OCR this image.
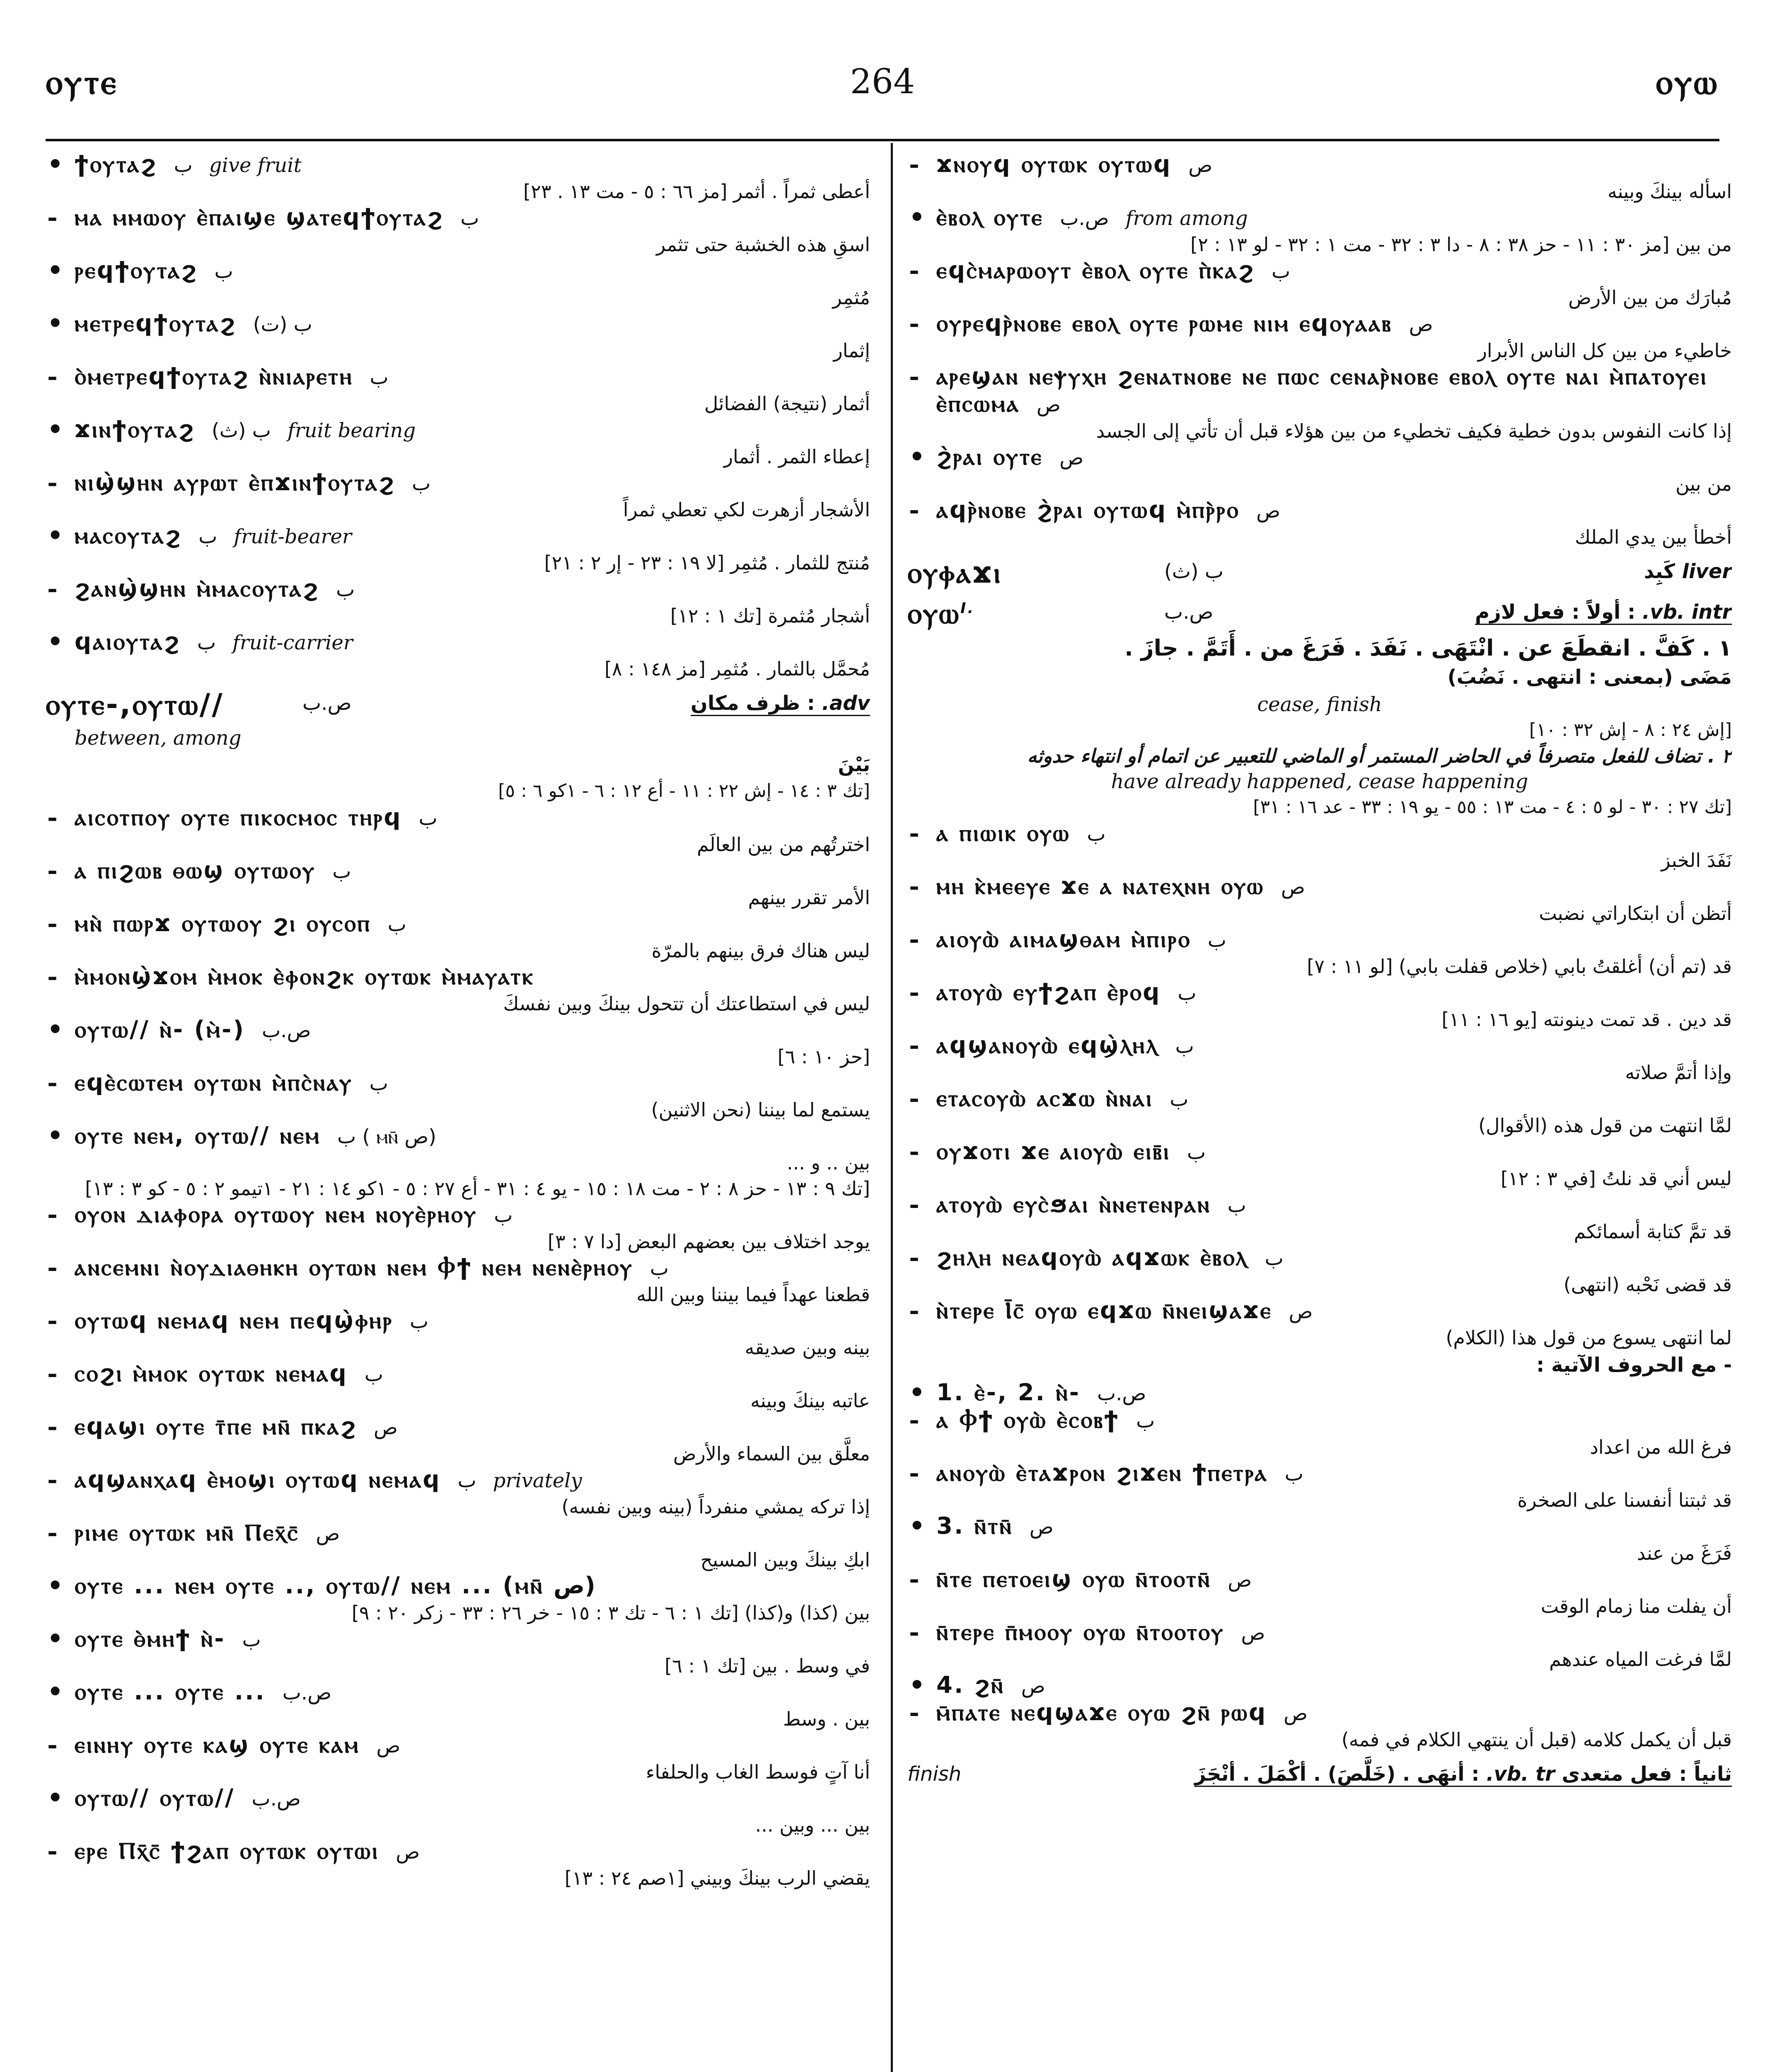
ⲟⲩⲧⲉ	264	ⲟⲩⲱ
• ϯⲟⲩⲧⲁϩ ب give fruit
أعطى ثمراً . أثمر [مز ٦٦ : ٥ - مت ١٣ . ٢٣]
- ⲙⲁ ⲙⲙⲱⲟⲩ ⲉ̀ⲡⲁⲓϣⲉ ϣⲁⲧⲉϥϯⲟⲩⲧⲁϩ ب
اسقِ هذه الخشبة حتى تثمر
• ⲣⲉϥϯⲟⲩⲧⲁϩ ب
مُثمِر
• ⲙⲉⲧⲣⲉϥϯⲟⲩⲧⲁϩ ب (ت)
إثمار
- ⲟ̀ⲙⲉⲧⲣⲉϥϯⲟⲩⲧⲁϩ ⲛ̀ⲛⲓⲁⲣⲉⲧⲏ ب
أثمار (نتيجة) الفضائل
• ϫⲓⲛϯⲟⲩⲧⲁϩ ب (ث) fruit bearing
إعطاء الثمر . أثمار
- ⲛⲓϣ̀ϣⲏⲛ ⲁⲩⲣⲱⲧ ⲉ̀ⲡϫⲓⲛϯⲟⲩⲧⲁϩ ب
الأشجار أزهرت لكي تعطي ثمراً
• ⲙⲁⲥⲟⲩⲧⲁϩ ب fruit-bearer
مُنتج للثمار . مُثمِر [لا ١٩ : ٢٣ - إر ٢ : ٢١]
- ϩⲁⲛϣ̀ϣⲏⲛ ⲙ̀ⲙⲁⲥⲟⲩⲧⲁϩ ب
أشجار مُثمرة [تك ١ : ١٢]
• ϥⲁⲓⲟⲩⲧⲁϩ ب fruit-carrier
مُحمَّل بالثمار . مُثمِر [مز ١٤٨ : ٨]
ⲟⲩⲧⲉ-,ⲟⲩⲧⲱ//	ص.ب	adv. : ظرف مكان
between, among
بَيْنَ
[تك ٣ : ١٤ - إش ٢٢ : ١١ - أع ١٢ : ٦ - ١كو ٦ : ٥]
- ⲁⲓⲥⲟⲧⲡⲟⲩ ⲟⲩⲧⲉ ⲡⲓⲕⲟⲥⲙⲟⲥ ⲧⲏⲣϥ ب
اخترتُهم من بين العالَم
- ⲁ ⲡⲓϩⲱⲃ ⲑⲱϣ ⲟⲩⲧⲱⲟⲩ ب
الأمر تقرر بينهم
- ⲙⲛ̀ ⲡⲱⲣϫ ⲟⲩⲧⲱⲟⲩ ϩⲓ ⲟⲩⲥⲟⲡ ب
ليس هناك فرق بينهم بالمرّة
- ⲙ̀ⲙⲟⲛϣ̀ϫⲟⲙ ⲙ̀ⲙⲟⲕ ⲉ̀ⲫⲟⲛϩⲕ ⲟⲩⲧⲱⲕ ⲙ̀ⲙⲁⲩⲁⲧⲕ
ليس في استطاعتك أن تتحول بينكَ وبين نفسكَ
• ⲟⲩⲧⲱ// ⲛ̀- (ⲙ̀-) ص.ب
[حز ١٠ : ٦]
- ⲉϥⲉ̀ⲥⲱⲧⲉⲙ ⲟⲩⲧⲱⲛ ⲙ̀ⲡⲥ̀ⲛⲁⲩ ب
يستمع لما بيننا (نحن الاثنين)
• ⲟⲩⲧⲉ ⲛⲉⲙ, ⲟⲩⲧⲱ// ⲛⲉⲙ ب ( ⲙⲛ̄ ص)
بين .. و ...
[تك ٩ : ١٣ - حز ٨ : ٢ - مت ١٨ : ١٥ - يو ٤ : ٣١ - أع ٢٧ : ٥ - ١كو ١٤ : ٢١ - ١تيمو ٢ : ٥ - كو ٣ : ١٣]
- ⲟⲩⲟⲛ ⲇⲓⲁⲫⲟⲣⲁ ⲟⲩⲧⲱⲟⲩ ⲛⲉⲙ ⲛⲟⲩⲉ̀ⲣⲏⲟⲩ ب
يوجد اختلاف بين بعضهم البعض [دا ٧ : ٣]
- ⲁⲛⲥⲉⲙⲛⲓ ⲛ̀ⲟⲩⲇⲓⲁⲑⲏⲕⲏ ⲟⲩⲧⲱⲛ ⲛⲉⲙ Ⲫϯ ⲛⲉⲙ ⲛⲉⲛⲉ̀ⲣⲏⲟⲩ ب
قطعنا عهداً فيما بيننا وبين الله
- ⲟⲩⲧⲱϥ ⲛⲉⲙⲁϥ ⲛⲉⲙ ⲡⲉϥϣ̀ⲫⲏⲣ ب
بينه وبين صديقه
- ⲥⲟϩⲓ ⲙ̀ⲙⲟⲕ ⲟⲩⲧⲱⲕ ⲛⲉⲙⲁϥ ب
عاتبه بينكَ وبينه
- ⲉϥⲁϣⲓ ⲟⲩⲧⲉ ⲧ̄ⲡⲉ ⲙⲛ̄ ⲡⲕⲁϩ ص
معلَّق بين السماء والأرض
- ⲁϥϣⲁⲛⲭⲁϥ ⲉ̀ⲙⲟϣⲓ ⲟⲩⲧⲱϥ ⲛⲉⲙⲁϥ ب privately
إذا تركه يمشي منفرداً (بينه وبين نفسه)
- ⲣⲓⲙⲉ ⲟⲩⲧⲱⲕ ⲙⲛ̄ Ⲡⲉⲭ̄ⲥ̄ ص
ابكِ بينكَ وبين المسيح
• ⲟⲩⲧⲉ ... ⲛⲉⲙ ⲟⲩⲧⲉ .., ⲟⲩⲧⲱ// ⲛⲉⲙ ... (ⲙⲛ̄ ص)
بين (كذا) و(كذا) [تك ١ : ٦ - تك ٣ : ١٥ - خر ٢٦ : ٣٣ - زكر ٢٠ : ٩]
• ⲟⲩⲧⲉ ⲑ̀ⲙⲏϯ ⲛ̀- ب
في وسط . بين [تك ١ : ٦]
• ⲟⲩⲧⲉ ... ⲟⲩⲧⲉ ... ص.ب
بين . وسط
- ⲉⲓⲛⲏⲩ ⲟⲩⲧⲉ ⲕⲁϣ ⲟⲩⲧⲉ ⲕⲁⲙ ص
أنا آتٍ فوسط الغاب والحلفاء
• ⲟⲩⲧⲱ// ⲟⲩⲧⲱ// ص.ب
بين ... وبين ...
- ⲉⲣⲉ Ⲡⲭ̄ⲥ̄ ϯϩⲁⲡ ⲟⲩⲧⲱⲕ ⲟⲩⲧⲱⲓ ص
يقضي الرب بينكَ وبيني [١صم ٢٤ : ١٣]
- ϫⲛⲟⲩϥ ⲟⲩⲧⲱⲕ ⲟⲩⲧⲱϥ ص
اسأله بينكَ وبينه
• ⲉ̀ⲃⲟⲗ ⲟⲩⲧⲉ ص.ب from among
من بين [مز ٣٠ : ١١ - حز ٣٨ : ٨ - دا ٣ : ٣٢ - مت ١ : ٣٢ - لو ١٣ : ٢]
- ⲉϥⲥ̀ⲙⲁⲣⲱⲟⲩⲧ ⲉ̀ⲃⲟⲗ ⲟⲩⲧⲉ ⲡ̀ⲕⲁϩ ب
مُبارَك من بين الأرض
- ⲟⲩⲣⲉϥⲣ̀ⲛⲟⲃⲉ ⲉⲃⲟⲗ ⲟⲩⲧⲉ ⲣⲱⲙⲉ ⲛⲓⲙ ⲉϥⲟⲩⲁⲁⲃ ص
خاطيء من بين كل الناس الأبرار
- ⲁⲣⲉϣⲁⲛ ⲛⲉⲯⲩⲭⲏ ϩⲉⲛⲁⲧⲛⲟⲃⲉ ⲛⲉ ⲡⲱⲥ ⲥⲉⲛⲁⲣ̀ⲛⲟⲃⲉ ⲉⲃⲟⲗ ⲟⲩⲧⲉ ⲛⲁⲓ ⲙ̀ⲡⲁⲧⲟⲩⲉⲓ ⲉ̀ⲡⲥⲱⲙⲁ ص
إذا كانت النفوس بدون خطية فكيف تخطيء من بين هؤلاء قبل أن تأتي إلى الجسد
• ϩ̀ⲣⲁⲓ ⲟⲩⲧⲉ ص
من بين
- ⲁϥⲣ̀ⲛⲟⲃⲉ ϩ̀ⲣⲁⲓ ⲟⲩⲧⲱϥ ⲙ̀ⲡⲣ̀ⲣⲟ ص
أخطأ بين يدي الملك
ⲟⲩⲫⲁϫⲓ	ب (ث)	liver كَبِد
ⲟⲩⲱ$^{I.}$	ص.ب	vb. intr. : أولاً : فعل لازم
١ . كَفَّ . انقطَعَ عن . انْتَهَى . نَفَدَ . فَرَغَ من . أَتَمَّ . جازَ .
مَضَى (بمعنى : انتهى . نَضُبَ)
cease, finish
[إش ٢٤ : ٨ - إش ٣٢ : ١٠]
٢ . تضاف للفعل متصرفاً في الحاضر المستمر أو الماضي للتعبير عن اتمام أو انتهاء حدوثه
have already happened, cease happening
[تك ٢٧ : ٣٠ - لو ٥ : ٤ - مت ١٣ : ٥٥ - يو ١٩ : ٣٣ - عد ١٦ : ٣١]
- ⲁ ⲡⲓⲱⲓⲕ ⲟⲩⲱ ب
نَفَدَ الخبز
- ⲙⲏ ⲕ̀ⲙⲉⲉⲩⲉ ϫⲉ ⲁ ⲛⲁⲧⲉⲭⲛⲏ ⲟⲩⲱ ص
أتظن أن ابتكاراتي نضبت
- ⲁⲓⲟⲩⲱ̀ ⲁⲓⲙⲁϣⲑⲁⲙ ⲙ̀ⲡⲓⲣⲟ ب
قد (تم أن) أغلقتُ بابي (خلاص قفلت بابي) [لو ١١ : ٧]
- ⲁⲧⲟⲩⲱ̀ ⲉⲩϯϩⲁⲡ ⲉ̀ⲣⲟϥ ب
قد دين . قد تمت دينونته [يو ١٦ : ١١]
- ⲁϥϣⲁⲛⲟⲩⲱ̀ ⲉϥϣ̀ⲗⲏⲗ ب
وإذا أتمَّ صلاته
- ⲉⲧⲁⲥⲟⲩⲱ̀ ⲁⲥϫⲱ ⲛ̀ⲛⲁⲓ ب
لمَّا انتهت من قول هذه (الأقوال)
- ⲟⲩϫⲟⲧⲓ ϫⲉ ⲁⲓⲟⲩⲱ̀ ⲉⲓⲃ̄ⲓ ب
ليس أني قد نلتُ [في ٣ : ١٢]
- ⲁⲧⲟⲩⲱ̀ ⲉⲩⲥ̀ϧⲁⲓ ⲛ̀ⲛⲉⲧⲉⲛⲣⲁⲛ ب
قد تمَّ كتابة أسمائكم
- ϩⲏⲗⲏ ⲛⲉⲁϥⲟⲩⲱ̀ ⲁϥϫⲱⲕ ⲉ̀ⲃⲟⲗ ب
قد قضى نَحْبه (انتهى)
- ⲛ̀ⲧⲉⲣⲉ Ⲓ̄ⲥ̄ ⲟⲩⲱ ⲉϥϫⲱ ⲛ̄ⲛⲉⲓϣⲁϫⲉ ص
لما انتهى يسوع من قول هذا (الكلام)
- مع الحروف الآتية :
• 1. ⲉ̀-, 2. ⲛ̀- ص.ب
- ⲁ Ⲫϯ ⲟⲩⲱ̀ ⲉ̀ⲥⲟⲃϯ ب
فرغ الله من اعداد
- ⲁⲛⲟⲩⲱ̀ ⲉ̀ⲧⲁϫⲣⲟⲛ ϩⲓϫⲉⲛ ϯⲡⲉⲧⲣⲁ ب
قد ثبتنا أنفسنا على الصخرة
• 3. ⲛ̄ⲧⲛ̄ ص
فَرَغَ من عند
- ⲛ̄ⲧⲉ ⲡⲉⲧⲟⲉⲓϣ ⲟⲩⲱ ⲛ̄ⲧⲟⲟⲧⲛ̄ ص
أن يفلت منا زمام الوقت
- ⲛ̄ⲧⲉⲣⲉ ⲡ̄ⲙⲟⲟⲩ ⲟⲩⲱ ⲛ̄ⲧⲟⲟⲧⲟⲩ ص
لمَّا فرغت المياه عندهم
• 4. ϩⲛ̄ ص
- ⲙ̄ⲡⲁⲧⲉ ⲛⲉϥϣⲁϫⲉ ⲟⲩⲱ ϩⲛ̄ ⲣⲱϥ ص
قبل أن يكمل كلامه (قبل أن ينتهي الكلام في فمه)
finish	ثانياً : فعل متعدى vb. tr. : أنهَى . (خَلَّصَ) . أكْمَلَ . أنْجَزَ
